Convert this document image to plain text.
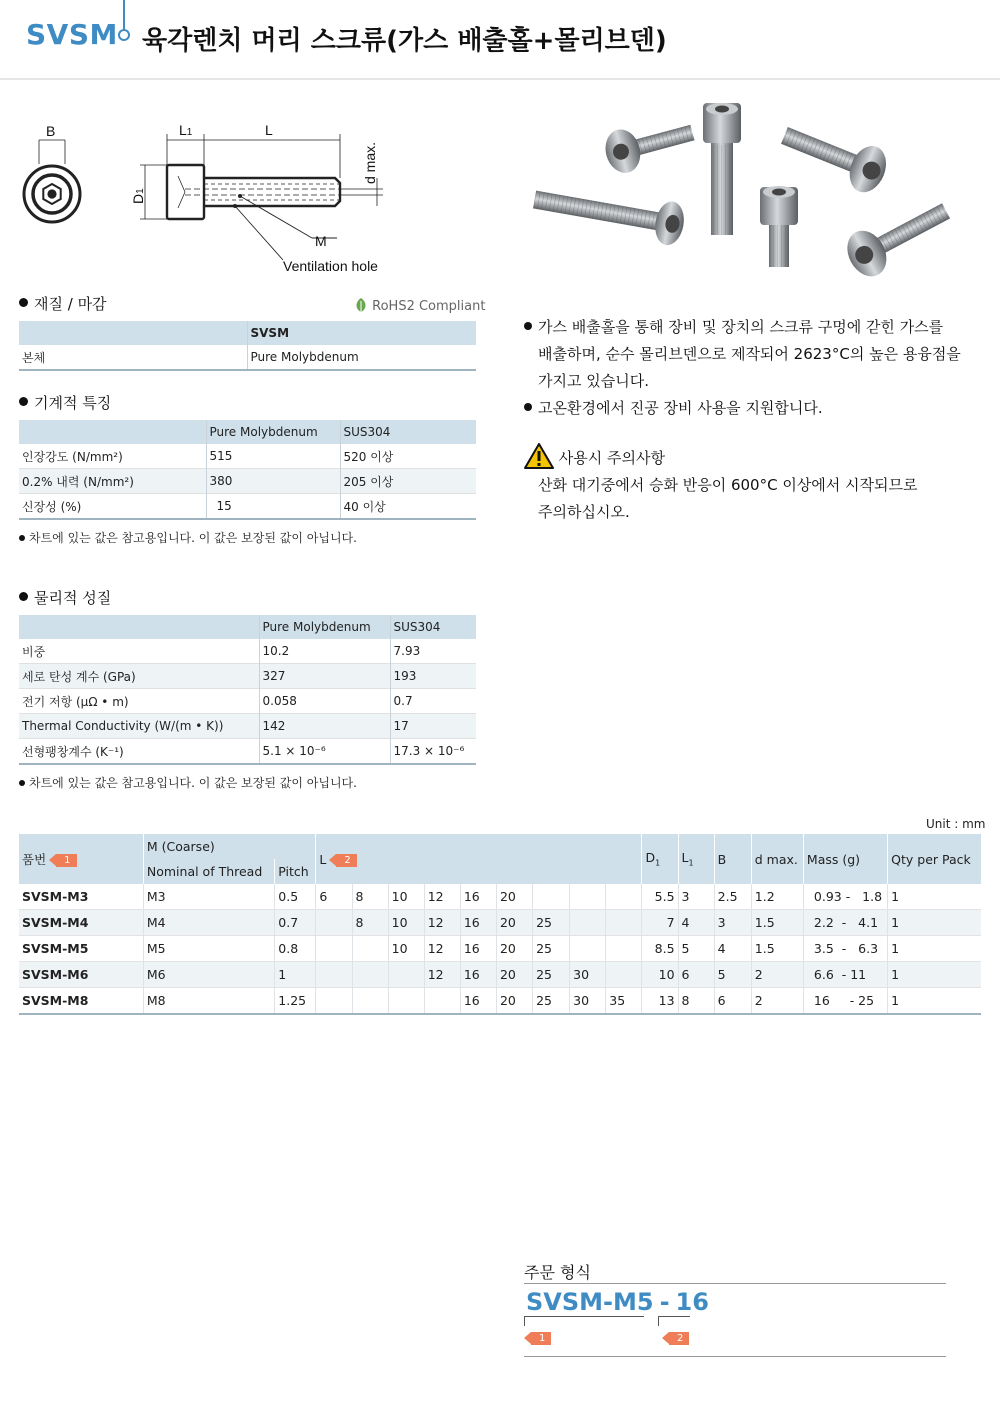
SVSM 육각렌치 머리 스크류(가스 배출홀+몰리브덴)
B	L1	L
D1
d max.
M
Ventilation hole
재질 / 마감	RoHS2 Compliant
	SVSM
본체	Pure Molybdenum
기계적 특징
	Pure Molybdenum	SUS304
인장강도 (N/mm²)	515	520 이상
0.2% 내력 (N/mm²)	380	205 이상
신장성 (%)	15	40 이상
차트에 있는 값은 참고용입니다. 이 값은 보장된 값이 아닙니다.
물리적 성질
	Pure Molybdenum	SUS304
비중	10.2	7.93
세로 탄성 계수 (GPa)	327	193
전기 저항 (μΩ • m)	0.058	0.7
Thermal Conductivity (W/(m • K))	142	17
선형팽창계수 (K⁻¹)	5.1 × 10⁻⁶	17.3 × 10⁻⁶
차트에 있는 값은 참고용입니다. 이 값은 보장된 값이 아닙니다.
가스 배출홀을 통해 장비 및 장치의 스크류 구멍에 갇힌 가스를
배출하며, 순수 몰리브덴으로 제작되어 2623°C의 높은 용융점을
가지고 있습니다.
고온환경에서 진공 장비 사용을 지원합니다.
사용시 주의사항
산화 대기중에서 승화 반응이 600°C 이상에서 시작되므로
주의하십시오.
Unit : mm
품번 1	M (Coarse)		L 2									$D_1$	$L_1$	B	d max.	Mass (g)	Qty per Pack
	Nominal of Thread	Pitch															
SVSM-M3	M3	0.5	6	8	10	12	16	20				5.5	3	2.5	1.2	0.93 -   1.8	1
SVSM-M4	M4	0.7		8	10	12	16	20	25			7	4	3	1.5	2.2  -   4.1	1
SVSM-M5	M5	0.8			10	12	16	20	25			8.5	5	4	1.5	3.5  -   6.3	1
SVSM-M6	M6	1				12	16	20	25	30		10	6	5	2	6.6  - 11	1
SVSM-M8	M8	1.25					16	20	25	30	35	13	8	6	2	16     - 25	1
주문 형식
SVSM-M5 - 16
1	2
